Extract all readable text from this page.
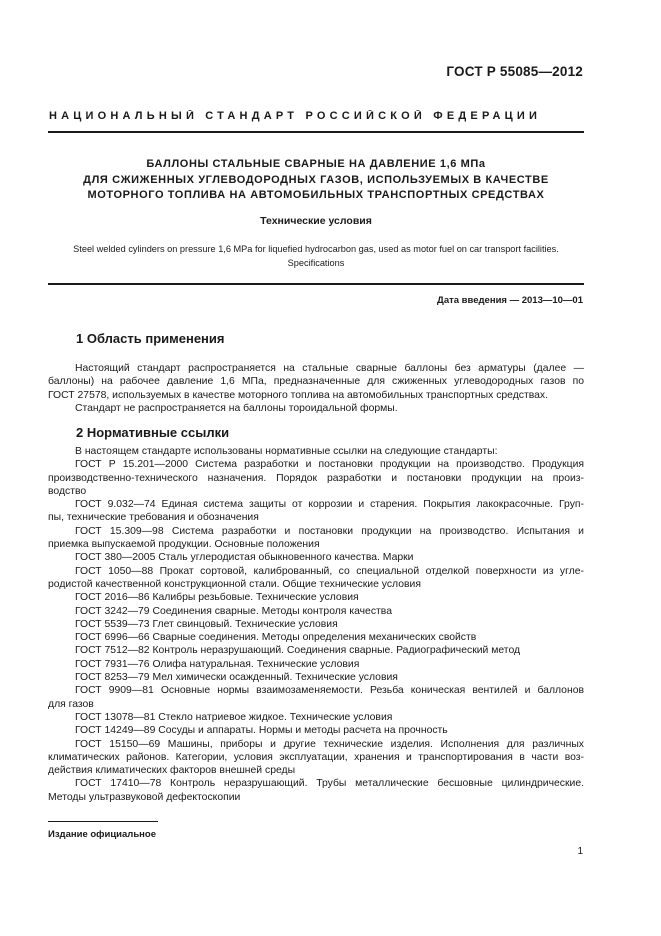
ГОСТ Р 55085—2012
НАЦИОНАЛЬНЫЙ СТАНДАРТ РОССИЙСКОЙ ФЕДЕРАЦИИ
БАЛЛОНЫ СТАЛЬНЫЕ СВАРНЫЕ НА ДАВЛЕНИЕ 1,6 МПа
ДЛЯ СЖИЖЕННЫХ УГЛЕВОДОРОДНЫХ ГАЗОВ, ИСПОЛЬЗУЕМЫХ В КАЧЕСТВЕ
МОТОРНОГО ТОПЛИВА НА АВТОМОБИЛЬНЫХ ТРАНСПОРТНЫХ СРЕДСТВАХ
Технические условия
Steel welded cylinders on pressure 1,6 MPa for liquefied hydrocarbon gas, used as motor fuel on car transport facilities.
Specifications
Дата введения — 2013—10—01
1 Область применения
Настоящий стандарт распространяется на стальные сварные баллоны без арматуры (далее —
баллоны) на рабочее давление 1,6 МПа, предназначенные для сжиженных углеводородных газов по
ГОСТ 27578, используемых в качестве моторного топлива на автомобильных транспортных средствах.
Стандарт не распространяется на баллоны тороидальной формы.
2 Нормативные ссылки
В настоящем стандарте использованы нормативные ссылки на следующие стандарты:
ГОСТ Р 15.201—2000 Система разработки и постановки продукции на производство. Продукция
производственно-технического назначения. Порядок разработки и постановки продукции на произ-
водство
ГОСТ 9.032—74 Единая система защиты от коррозии и старения. Покрытия лакокрасочные. Груп-
пы, технические требования и обозначения
ГОСТ 15.309—98 Система разработки и постановки продукции на производство. Испытания и
приемка выпускаемой продукции. Основные положения
ГОСТ 380—2005 Сталь углеродистая обыкновенного качества. Марки
ГОСТ 1050—88 Прокат сортовой, калиброванный, со специальной отделкой поверхности из угле-
родистой качественной конструкционной стали. Общие технические условия
ГОСТ 2016—86 Калибры резьбовые. Технические условия
ГОСТ 3242—79 Соединения сварные. Методы контроля качества
ГОСТ 5539—73 Глет свинцовый. Технические условия
ГОСТ 6996—66 Сварные соединения. Методы определения механических свойств
ГОСТ 7512—82 Контроль неразрушающий. Соединения сварные. Радиографический метод
ГОСТ 7931—76 Олифа натуральная. Технические условия
ГОСТ 8253—79 Мел химически осажденный. Технические условия
ГОСТ 9909—81 Основные нормы взаимозаменяемости. Резьба коническая вентилей и баллонов
для газов
ГОСТ 13078—81 Стекло натриевое жидкое. Технические условия
ГОСТ 14249—89 Сосуды и аппараты. Нормы и методы расчета на прочность
ГОСТ 15150—69 Машины, приборы и другие технические изделия. Исполнения для различных
климатических районов. Категории, условия эксплуатации, хранения и транспортирования в части воз-
действия климатических факторов внешней среды
ГОСТ 17410—78 Контроль неразрушающий. Трубы металлические бесшовные цилиндрические.
Методы ультразвуковой дефектоскопии
Издание официальное
1
